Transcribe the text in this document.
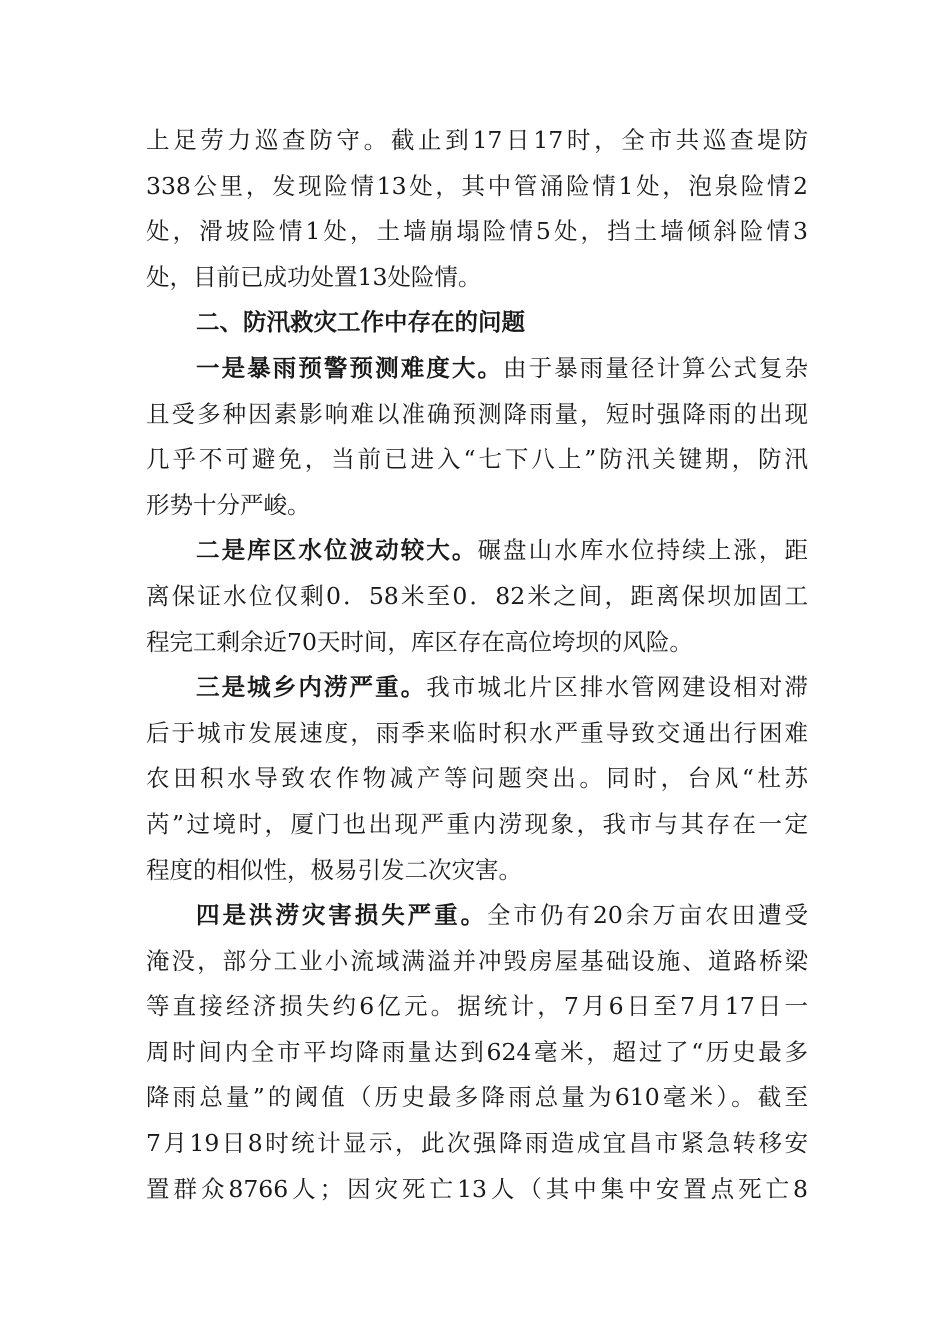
上足劳力巡查防守。截止到17日17时，全市共巡查堤防
338公里，发现险情13处，其中管涌险情1处，泡泉险情2
处，滑坡险情1处，土墙崩塌险情5处，挡土墙倾斜险情3
处，目前已成功处置13处险情。
二、防汛救灾工作中存在的问题
一是暴雨预警预测难度大。由于暴雨量径计算公式复杂
且受多种因素影响难以准确预测降雨量，短时强降雨的出现
几乎不可避免，当前已进入“七下八上”防汛关键期，防汛
形势十分严峻。
二是库区水位波动较大。碾盘山水库水位持续上涨，距
离保证水位仅剩0．58米至0．82米之间，距离保坝加固工
程完工剩余近70天时间，库区存在高位垮坝的风险。
三是城乡内涝严重。我市城北片区排水管网建设相对滞
后于城市发展速度，雨季来临时积水严重导致交通出行困难
农田积水导致农作物减产等问题突出。同时，台风“杜苏
芮”过境时，厦门也出现严重内涝现象，我市与其存在一定
程度的相似性，极易引发二次灾害。
四是洪涝灾害损失严重。全市仍有20余万亩农田遭受
淹没，部分工业小流域满溢并冲毁房屋基础设施、道路桥梁
等直接经济损失约6亿元。据统计，7月6日至7月17日一
周时间内全市平均降雨量达到624毫米，超过了“历史最多
降雨总量”的阈值（历史最多降雨总量为610毫米）。截至
7月19日8时统计显示，此次强降雨造成宜昌市紧急转移安
置群众8766人；因灾死亡13人（其中集中安置点死亡8
